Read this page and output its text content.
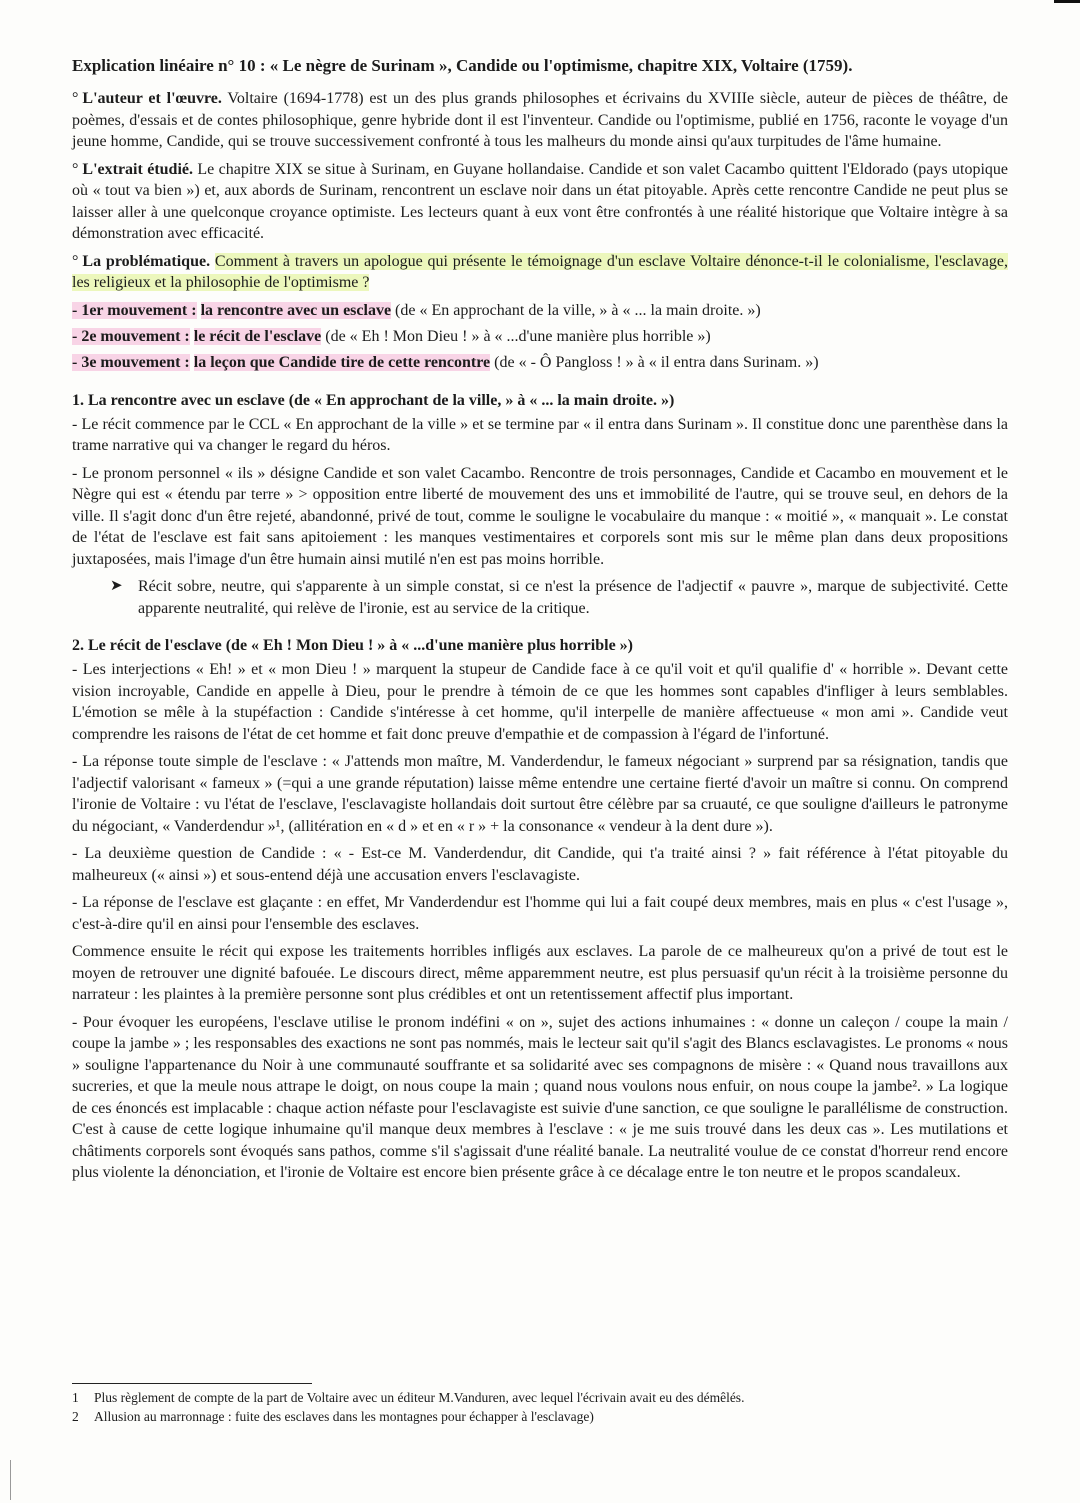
Explication linéaire n° 10 : « Le nègre de Surinam », Candide ou l'optimisme, chapitre XIX, Voltaire (1759).

° L'auteur et l'œuvre. Voltaire (1694-1778) est un des plus grands philosophes et écrivains du XVIIIe siècle, auteur de pièces de théâtre, de poèmes, d'essais et de contes philosophique, genre hybride dont il est l'inventeur. Candide ou l'optimisme, publié en 1756, raconte le voyage d'un jeune homme, Candide, qui se trouve successivement confronté à tous les malheurs du monde ainsi qu'aux turpitudes de l'âme humaine.

° L'extrait étudié. Le chapitre XIX se situe à Surinam, en Guyane hollandaise. Candide et son valet Cacambo quittent l'Eldorado (pays utopique où « tout va bien ») et, aux abords de Surinam, rencontrent un esclave noir dans un état pitoyable. Après cette rencontre Candide ne peut plus se laisser aller à une quelconque croyance optimiste. Les lecteurs quant à eux vont être confrontés à une réalité historique que Voltaire intègre à sa démonstration avec efficacité.

° La problématique. Comment à travers un apologue qui présente le témoignage d'un esclave Voltaire dénonce-t-il le colonialisme, l'esclavage, les religieux et la philosophie de l'optimisme ?

- 1er mouvement : la rencontre avec un esclave (de « En approchant de la ville, » à « ... la main droite. »)
- 2e mouvement : le récit de l'esclave (de « Eh ! Mon Dieu ! » à « ...d'une manière plus horrible »)
- 3e mouvement : la leçon que Candide tire de cette rencontre (de « - Ô Pangloss ! » à « il entra dans Surinam. »)
1. La rencontre avec un esclave (de « En approchant de la ville, » à « ... la main droite. »)

- Le récit commence par le CCL « En approchant de la ville » et se termine par « il entra dans Surinam ». Il constitue donc une parenthèse dans la trame narrative qui va changer le regard du héros.

- Le pronom personnel « ils » désigne Candide et son valet Cacambo. Rencontre de trois personnages, Candide et Cacambo en mouvement et le Nègre qui est « étendu par terre » > opposition entre liberté de mouvement des uns et immobilité de l'autre, qui se trouve seul, en dehors de la ville. Il s'agit donc d'un être rejeté, abandonné, privé de tout, comme le souligne le vocabulaire du manque : « moitié », « manquait ». Le constat de l'état de l'esclave est fait sans apitoiement : les manques vestimentaires et corporels sont mis sur le même plan dans deux propositions juxtaposées, mais l'image d'un être humain ainsi mutilé n'en est pas moins horrible.

➤ Récit sobre, neutre, qui s'apparente à un simple constat, si ce n'est la présence de l'adjectif « pauvre », marque de subjectivité. Cette apparente neutralité, qui relève de l'ironie, est au service de la critique.

2. Le récit de l'esclave (de « Eh ! Mon Dieu ! » à « ...d'une manière plus horrible »)

- Les interjections « Eh! » et « mon Dieu ! » marquent la stupeur de Candide face à ce qu'il voit et qu'il qualifie d' « horrible ». Devant cette vision incroyable, Candide en appelle à Dieu, pour le prendre à témoin de ce que les hommes sont capables d'infliger à leurs semblables. L'émotion se mêle à la stupéfaction : Candide s'intéresse à cet homme, qu'il interpelle de manière affectueuse « mon ami ». Candide veut comprendre les raisons de l'état de cet homme et fait donc preuve d'empathie et de compassion à l'égard de l'infortuné.

- La réponse toute simple de l'esclave : « J'attends mon maître, M. Vanderdendur, le fameux négociant » surprend par sa résignation, tandis que l'adjectif valorisant « fameux » (=qui a une grande réputation) laisse même entendre une certaine fierté d'avoir un maître si connu. On comprend l'ironie de Voltaire : vu l'état de l'esclave, l'esclavagiste hollandais doit surtout être célèbre par sa cruauté, ce que souligne d'ailleurs le patronyme du négociant, « Vanderdendur »¹, (allitération en « d » et en « r » + la consonance « vendeur à la dent dure »).

- La deuxième question de Candide : « - Est-ce M. Vanderdendur, dit Candide, qui t'a traité ainsi ? » fait référence à l'état pitoyable du malheureux (« ainsi ») et sous-entend déjà une accusation envers l'esclavagiste.

- La réponse de l'esclave est glaçante : en effet, Mr Vanderdendur est l'homme qui lui a fait coupé deux membres, mais en plus « c'est l'usage », c'est-à-dire qu'il en ainsi pour l'ensemble des esclaves.

Commence ensuite le récit qui expose les traitements horribles infligés aux esclaves. La parole de ce malheureux qu'on a privé de tout est le moyen de retrouver une dignité bafouée. Le discours direct, même apparemment neutre, est plus persuasif qu'un récit à la troisième personne du narrateur : les plaintes à la première personne sont plus crédibles et ont un retentissement affectif plus important.

- Pour évoquer les européens, l'esclave utilise le pronom indéfini « on », sujet des actions inhumaines : « donne un caleçon / coupe la main / coupe la jambe » ; les responsables des exactions ne sont pas nommés, mais le lecteur sait qu'il s'agit des Blancs esclavagistes. Le pronoms « nous » souligne l'appartenance du Noir à une communauté souffrante et sa solidarité avec ses compagnons de misère : « Quand nous travaillons aux sucreries, et que la meule nous attrape le doigt, on nous coupe la main ; quand nous voulons nous enfuir, on nous coupe la jambe². » La logique de ces énoncés est implacable : chaque action néfaste pour l'esclavagiste est suivie d'une sanction, ce que souligne le parallélisme de construction. C'est à cause de cette logique inhumaine qu'il manque deux membres à l'esclave : « je me suis trouvé dans les deux cas ». Les mutilations et châtiments corporels sont évoqués sans pathos, comme s'il s'agissait d'une réalité banale. La neutralité voulue de ce constat d'horreur rend encore plus violente la dénonciation, et l'ironie de Voltaire est encore bien présente grâce à ce décalage entre le ton neutre et le propos scandaleux.

1 Plus règlement de compte de la part de Voltaire avec un éditeur M.Vanduren, avec lequel l'écrivain avait eu des démêlés.
2 Allusion au marronnage : fuite des esclaves dans les montagnes pour échapper à l'esclavage)
